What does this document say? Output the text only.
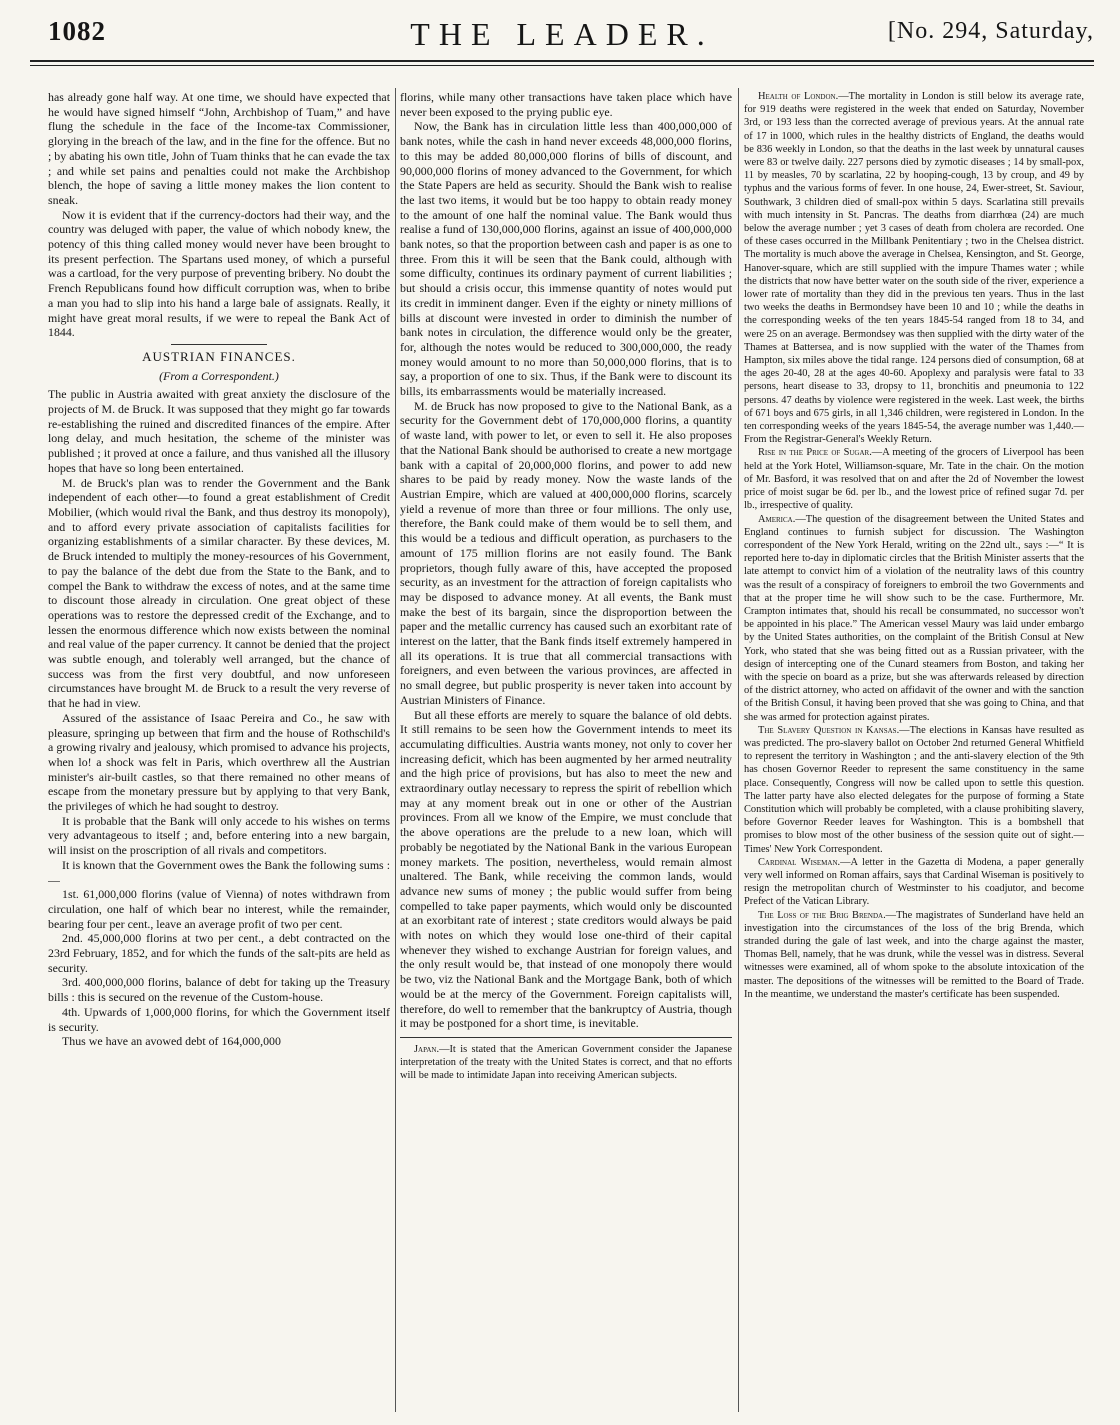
1082	THE LEADER.	[No. 294, Saturday,

has already gone half way. At one time, we should have expected that he would have signed himself “John, Archbishop of Tuam,” and have flung the schedule in the face of the Income-tax Commissioner, glorying in the breach of the law, and in the fine for the offence. But no ; by abating his own title, John of Tuam thinks that he can evade the tax ; and while set pains and penalties could not make the Archbishop blench, the hope of saving a little money makes the lion content to sneak.

Now it is evident that if the currency-doctors had their way, and the country was deluged with paper, the value of which nobody knew, the potency of this thing called money would never have been brought to its present perfection. The Spartans used money, of which a purseful was a cartload, for the very purpose of preventing bribery. No doubt the French Republicans found how difficult corruption was, when to bribe a man you had to slip into his hand a large bale of assignats. Really, it might have great moral results, if we were to repeal the Bank Act of 1844.

AUSTRIAN FINANCES.
(From a Correspondent.)

The public in Austria awaited with great anxiety the disclosure of the projects of M. de Bruck. It was supposed that they might go far towards re-establishing the ruined and discredited finances of the empire. After long delay, and much hesitation, the scheme of the minister was published ; it proved at once a failure, and thus vanished all the illusory hopes that have so long been entertained.

M. de Bruck's plan was to render the Government and the Bank independent of each other—to found a great establishment of Credit Mobilier, (which would rival the Bank, and thus destroy its monopoly), and to afford every private association of capitalists facilities for organizing establishments of a similar character. By these devices, M. de Bruck intended to multiply the money-resources of his Government, to pay the balance of the debt due from the State to the Bank, and to compel the Bank to withdraw the excess of notes, and at the same time to discount those already in circulation. One great object of these operations was to restore the depressed credit of the Exchange, and to lessen the enormous difference which now exists between the nominal and real value of the paper currency. It cannot be denied that the project was subtle enough, and tolerably well arranged, but the chance of success was from the first very doubtful, and now unforeseen circumstances have brought M. de Bruck to a result the very reverse of that he had in view.

Assured of the assistance of Isaac Pereira and Co., he saw with pleasure, springing up between that firm and the house of Rothschild's a growing rivalry and jealousy, which promised to advance his projects, when lo! a shock was felt in Paris, which overthrew all the Austrian minister's air-built castles, so that there remained no other means of escape from the monetary pressure but by applying to that very Bank, the privileges of which he had sought to destroy.

It is probable that the Bank will only accede to his wishes on terms very advantageous to itself ; and, before entering into a new bargain, will insist on the proscription of all rivals and competitors.

It is known that the Government owes the Bank the following sums :—

1st. 61,000,000 florins (value of Vienna) of notes withdrawn from circulation, one half of which bear no interest, while the remainder, bearing four per cent., leave an average profit of two per cent.

2nd. 45,000,000 florins at two per cent., a debt contracted on the 23rd February, 1852, and for which the funds of the salt-pits are held as security.

3rd. 400,000,000 florins, balance of debt for taking up the Treasury bills : this is secured on the revenue of the Custom-house.

4th. Upwards of 1,000,000 florins, for which the Government itself is security.

Thus we have an avowed debt of 164,000,000

florins, while many other transactions have taken place which have never been exposed to the prying public eye.

Now, the Bank has in circulation little less than 400,000,000 of bank notes, while the cash in hand never exceeds 48,000,000 florins, to this may be added 80,000,000 florins of bills of discount, and 90,000,000 florins of money advanced to the Government, for which the State Papers are held as security. Should the Bank wish to realise the last two items, it would but be too happy to obtain ready money to the amount of one half the nominal value. The Bank would thus realise a fund of 130,000,000 florins, against an issue of 400,000,000 bank notes, so that the proportion between cash and paper is as one to three. From this it will be seen that the Bank could, although with some difficulty, continues its ordinary payment of current liabilities ; but should a crisis occur, this immense quantity of notes would put its credit in imminent danger. Even if the eighty or ninety millions of bills at discount were invested in order to diminish the number of bank notes in circulation, the difference would only be the greater, for, although the notes would be reduced to 300,000,000, the ready money would amount to no more than 50,000,000 florins, that is to say, a proportion of one to six. Thus, if the Bank were to discount its bills, its embarrassments would be materially increased.

M. de Bruck has now proposed to give to the National Bank, as a security for the Government debt of 170,000,000 florins, a quantity of waste land, with power to let, or even to sell it. He also proposes that the National Bank should be authorised to create a new mortgage bank with a capital of 20,000,000 florins, and power to add new shares to be paid by ready money. Now the waste lands of the Austrian Empire, which are valued at 400,000,000 florins, scarcely yield a revenue of more than three or four millions. The only use, therefore, the Bank could make of them would be to sell them, and this would be a tedious and difficult operation, as purchasers to the amount of 175 million florins are not easily found. The Bank proprietors, though fully aware of this, have accepted the proposed security, as an investment for the attraction of foreign capitalists who may be disposed to advance money. At all events, the Bank must make the best of its bargain, since the disproportion between the paper and the metallic currency has caused such an exorbitant rate of interest on the latter, that the Bank finds itself extremely hampered in all its operations. It is true that all commercial transactions with foreigners, and even between the various provinces, are affected in no small degree, but public prosperity is never taken into account by Austrian Ministers of Finance.

But all these efforts are merely to square the balance of old debts. It still remains to be seen how the Government intends to meet its accumulating difficulties. Austria wants money, not only to cover her increasing deficit, which has been augmented by her armed neutrality and the high price of provisions, but has also to meet the new and extraordinary outlay necessary to repress the spirit of rebellion which may at any moment break out in one or other of the Austrian provinces. From all we know of the Empire, we must conclude that the above operations are the prelude to a new loan, which will probably be negotiated by the National Bank in the various European money markets. The position, nevertheless, would remain almost unaltered. The Bank, while receiving the common lands, would advance new sums of money ; the public would suffer from being compelled to take paper payments, which would only be discounted at an exorbitant rate of interest ; state creditors would always be paid with notes on which they would lose one-third of their capital whenever they wished to exchange Austrian for foreign values, and the only result would be, that instead of one monopoly there would be two, viz the National Bank and the Mortgage Bank, both of which would be at the mercy of the Government. Foreign capitalists will, therefore, do well to remember that the bankruptcy of Austria, though it may be postponed for a short time, is inevitable.

Japan.—It is stated that the American Government consider the Japanese interpretation of the treaty with the United States is correct, and that no efforts will be made to intimidate Japan into receiving American subjects.

Health of London.—The mortality in London is still below its average rate, for 919 deaths were registered in the week that ended on Saturday, November 3rd, or 193 less than the corrected average of previous years. At the annual rate of 17 in 1000, which rules in the healthy districts of England, the deaths would be 836 weekly in London, so that the deaths in the last week by unnatural causes were 83 or twelve daily. 227 persons died by zymotic diseases ; 14 by small-pox, 11 by measles, 70 by scarlatina, 22 by hooping-cough, 13 by croup, and 49 by typhus and the various forms of fever. In one house, 24, Ewer-street, St. Saviour, Southwark, 3 children died of small-pox within 5 days. Scarlatina still prevails with much intensity in St. Pancras. The deaths from diarrhœa (24) are much below the average number ; yet 3 cases of death from cholera are recorded. One of these cases occurred in the Millbank Penitentiary ; two in the Chelsea district. The mortality is much above the average in Chelsea, Kensington, and St. George, Hanover-square, which are still supplied with the impure Thames water ; while the districts that now have better water on the south side of the river, experience a lower rate of mortality than they did in the previous ten years. Thus in the last two weeks the deaths in Bermondsey have been 10 and 10 ; while the deaths in the corresponding weeks of the ten years 1845-54 ranged from 18 to 34, and were 25 on an average. Bermondsey was then supplied with the dirty water of the Thames at Battersea, and is now supplied with the water of the Thames from Hampton, six miles above the tidal range. 124 persons died of consumption, 68 at the ages 20-40, 28 at the ages 40-60. Apoplexy and paralysis were fatal to 33 persons, heart disease to 33, dropsy to 11, bronchitis and pneumonia to 122 persons. 47 deaths by violence were registered in the week. Last week, the births of 671 boys and 675 girls, in all 1,346 children, were registered in London. In the ten corresponding weeks of the years 1845-54, the average number was 1,440.—From the Registrar-General's Weekly Return.

Rise in the Price of Sugar.—A meeting of the grocers of Liverpool has been held at the York Hotel, Williamson-square, Mr. Tate in the chair. On the motion of Mr. Basford, it was resolved that on and after the 2d of November the lowest price of moist sugar be 6d. per lb., and the lowest price of refined sugar 7d. per lb., irrespective of quality.

America.—The question of the disagreement between the United States and England continues to furnish subject for discussion. The Washington correspondent of the New York Herald, writing on the 22nd ult., says :—“ It is reported here to-day in diplomatic circles that the British Minister asserts that the late attempt to convict him of a violation of the neutrality laws of this country was the result of a conspiracy of foreigners to embroil the two Governments and that at the proper time he will show such to be the case. Furthermore, Mr. Crampton intimates that, should his recall be consummated, no successor won't be appointed in his place.” The American vessel Maury was laid under embargo by the United States authorities, on the complaint of the British Consul at New York, who stated that she was being fitted out as a Russian privateer, with the design of intercepting one of the Cunard steamers from Boston, and taking her with the specie on board as a prize, but she was afterwards released by direction of the district attorney, who acted on affidavit of the owner and with the sanction of the British Consul, it having been proved that she was going to China, and that she was armed for protection against pirates.

The Slavery Question in Kansas.—The elections in Kansas have resulted as was predicted. The pro-slavery ballot on October 2nd returned General Whitfield to represent the territory in Washington ; and the anti-slavery election of the 9th has chosen Governor Reeder to represent the same constituency in the same place. Consequently, Congress will now be called upon to settle this question. The latter party have also elected delegates for the purpose of forming a State Constitution which will probably be completed, with a clause prohibiting slavery, before Governor Reeder leaves for Washington. This is a bombshell that promises to blow most of the other business of the session quite out of sight.—Times' New York Correspondent.

Cardinal Wiseman.—A letter in the Gazetta di Modena, a paper generally very well informed on Roman affairs, says that Cardinal Wiseman is positively to resign the metropolitan church of Westminster to his coadjutor, and become Prefect of the Vatican Library.

The Loss of the Brig Brenda.—The magistrates of Sunderland have held an investigation into the circumstances of the loss of the brig Brenda, which stranded during the gale of last week, and into the charge against the master, Thomas Bell, namely, that he was drunk, while the vessel was in distress. Several witnesses were examined, all of whom spoke to the absolute intoxication of the master. The depositions of the witnesses will be remitted to the Board of Trade. In the meantime, we understand the master's certificate has been suspended.
